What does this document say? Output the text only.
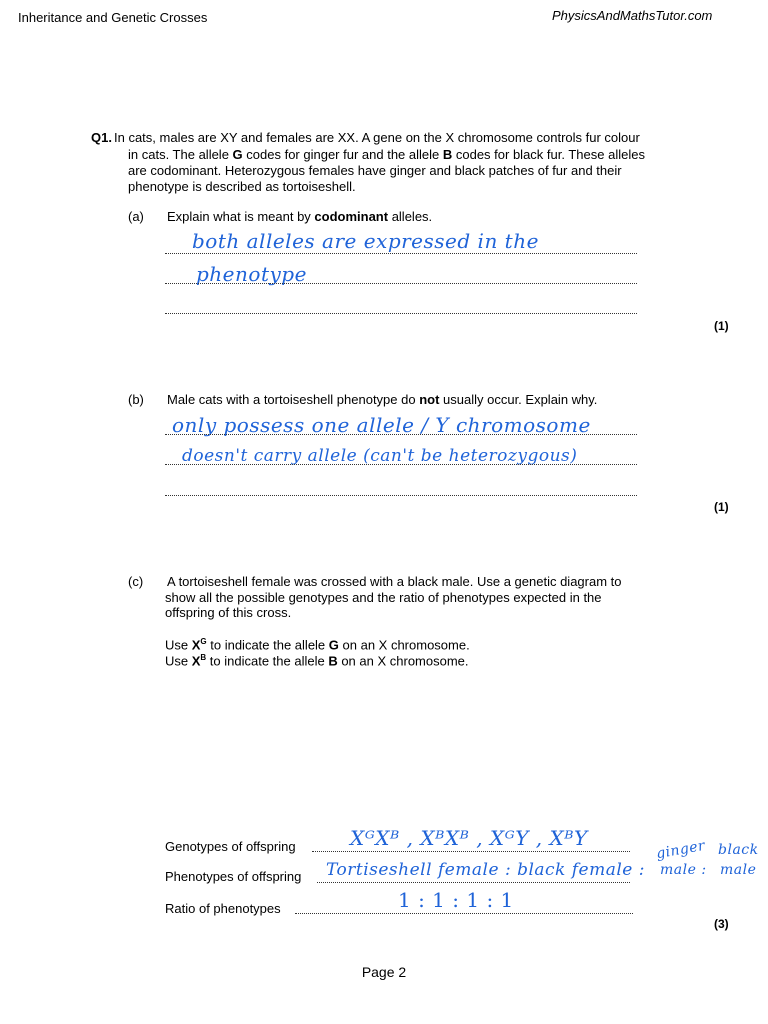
Inheritance and Genetic Crosses	PhysicsAndMathsTutor.com
Q1. In cats, males are XY and females are XX. A gene on the X chromosome controls fur colour
in cats. The allele G codes for ginger fur and the allele B codes for black fur. These alleles
are codominant. Heterozygous females have ginger and black patches of fur and their
phenotype is described as tortoiseshell.
(a) Explain what is meant by codominant alleles.
both alleles are expressed in the
phenotype
(1)
(b) Male cats with a tortoiseshell phenotype do not usually occur. Explain why.
only possess one allele / Y chromosome
doesn't carry allele (can't be heterozygous)
(1)
(c) A tortoiseshell female was crossed with a black male. Use a genetic diagram to
show all the possible genotypes and the ratio of phenotypes expected in the
offspring of this cross.
Use $X^G$ to indicate the allele G on an X chromosome.
Use $X^B$ to indicate the allele B on an X chromosome.
Genotypes of offspring	XᴳXᴮ , XᴮXᴮ , XᴳY , XᴮY
Phenotypes of offspring Tortiseshell female : black female :
ginger black
male : male
Ratio of phenotypes	1 : 1 : 1 : 1
(3)
Page 2
